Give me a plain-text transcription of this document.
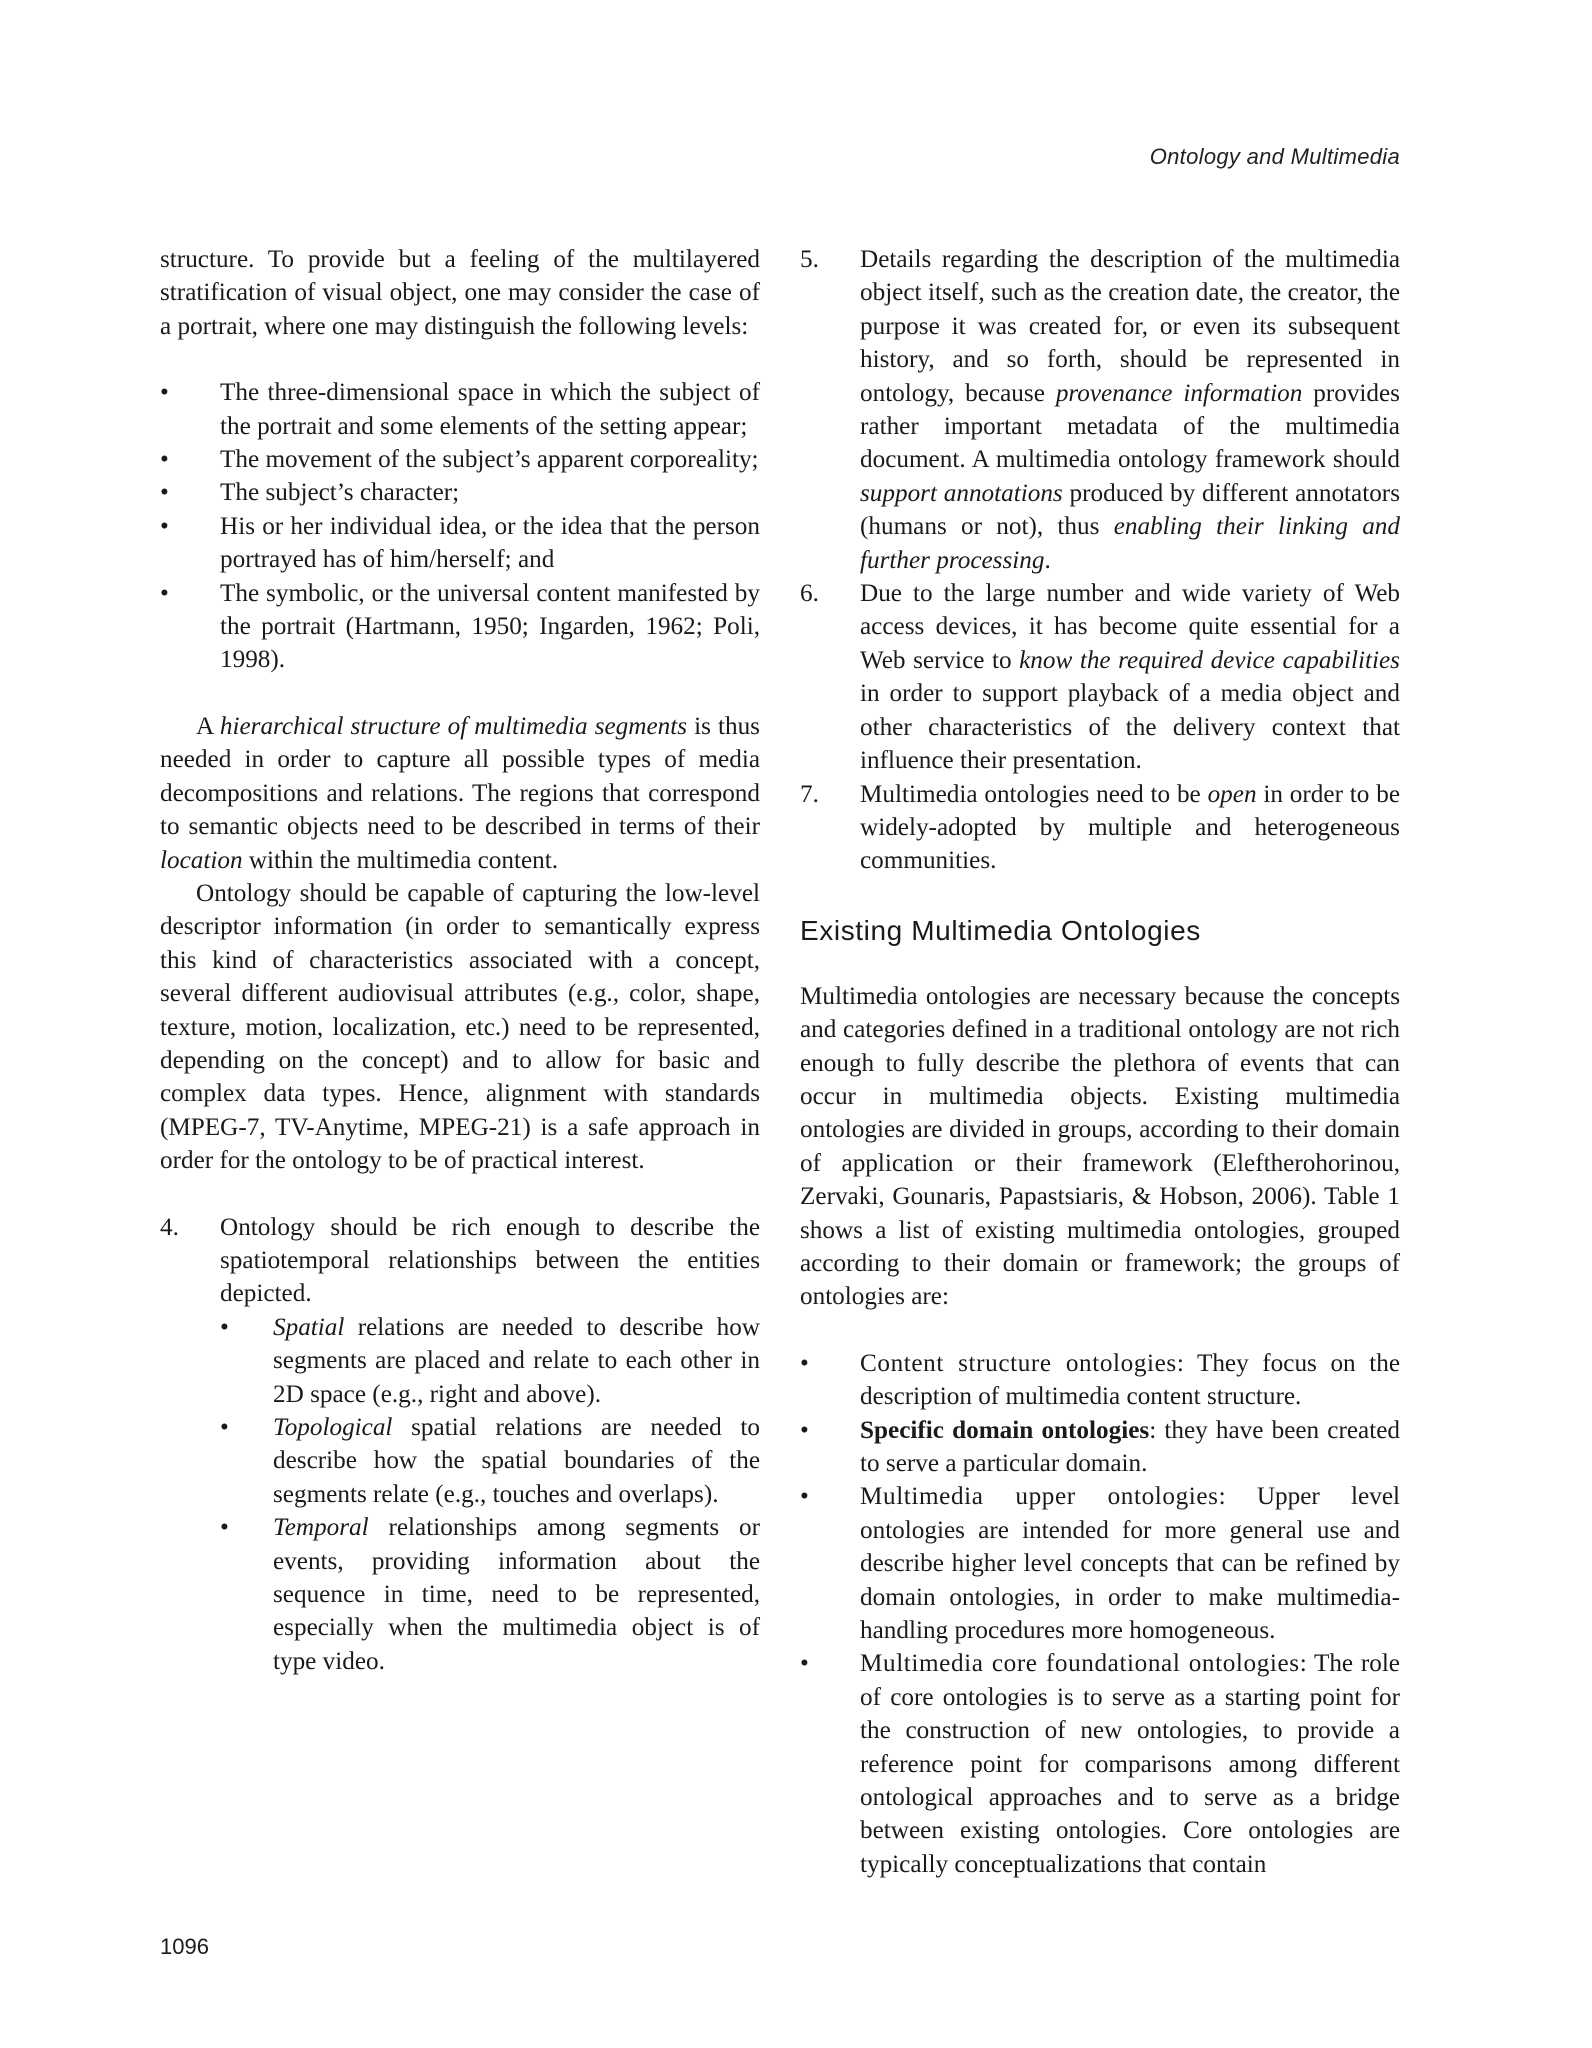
Ontology and Multimedia

structure. To provide but a feeling of the multilayered stratification of visual object, one may consider the case of a portrait, where one may distinguish the following levels:

• The three-dimensional space in which the subject of the portrait and some elements of the setting appear;
• The movement of the subject’s apparent corporeality;
• The subject’s character;
• His or her individual idea, or the idea that the person portrayed has of him/herself; and
• The symbolic, or the universal content manifested by the portrait (Hartmann, 1950; Ingarden, 1962; Poli, 1998).

A hierarchical structure of multimedia segments is thus needed in order to capture all possible types of media decompositions and relations. The regions that correspond to semantic objects need to be described in terms of their location within the multimedia content.

Ontology should be capable of capturing the low-level descriptor information (in order to semantically express this kind of characteristics associated with a concept, several different audiovisual attributes (e.g., color, shape, texture, motion, localization, etc.) need to be represented, depending on the concept) and to allow for basic and complex data types. Hence, alignment with standards (MPEG-7, TV-Anytime, MPEG-21) is a safe approach in order for the ontology to be of practical interest.

4. Ontology should be rich enough to describe the spatiotemporal relationships between the entities depicted.
• Spatial relations are needed to describe how segments are placed and relate to each other in 2D space (e.g., right and above).
• Topological spatial relations are needed to describe how the spatial boundaries of the segments relate (e.g., touches and overlaps).
• Temporal relationships among segments or events, providing information about the sequence in time, need to be represented, especially when the multimedia object is of type video.
5. Details regarding the description of the multimedia object itself, such as the creation date, the creator, the purpose it was created for, or even its subsequent history, and so forth, should be represented in ontology, because provenance information provides rather important metadata of the multimedia document. A multimedia ontology framework should support annotations produced by different annotators (humans or not), thus enabling their linking and further processing.
6. Due to the large number and wide variety of Web access devices, it has become quite essential for a Web service to know the required device capabilities in order to support playback of a media object and other characteristics of the delivery context that influence their presentation.
7. Multimedia ontologies need to be open in order to be widely-adopted by multiple and heterogeneous communities.
Existing Multimedia Ontologies

Multimedia ontologies are necessary because the concepts and categories defined in a traditional ontology are not rich enough to fully describe the plethora of events that can occur in multimedia objects. Existing multimedia ontologies are divided in groups, according to their domain of application or their framework (Eleftherohorinou, Zervaki, Gounaris, Papastsiaris, & Hobson, 2006). Table 1 shows a list of existing multimedia ontologies, grouped according to their domain or framework; the groups of ontologies are:

• Content structure ontologies: They focus on the description of multimedia content structure.
• Specific domain ontologies: they have been created to serve a particular domain.
• Multimedia upper ontologies: Upper level ontologies are intended for more general use and describe higher level concepts that can be refined by domain ontologies, in order to make multimedia-handling procedures more homogeneous.
• Multimedia core foundational ontologies: The role of core ontologies is to serve as a starting point for the construction of new ontologies, to provide a reference point for comparisons among different ontological approaches and to serve as a bridge between existing ontologies. Core ontologies are typically conceptualizations that contain
1096
